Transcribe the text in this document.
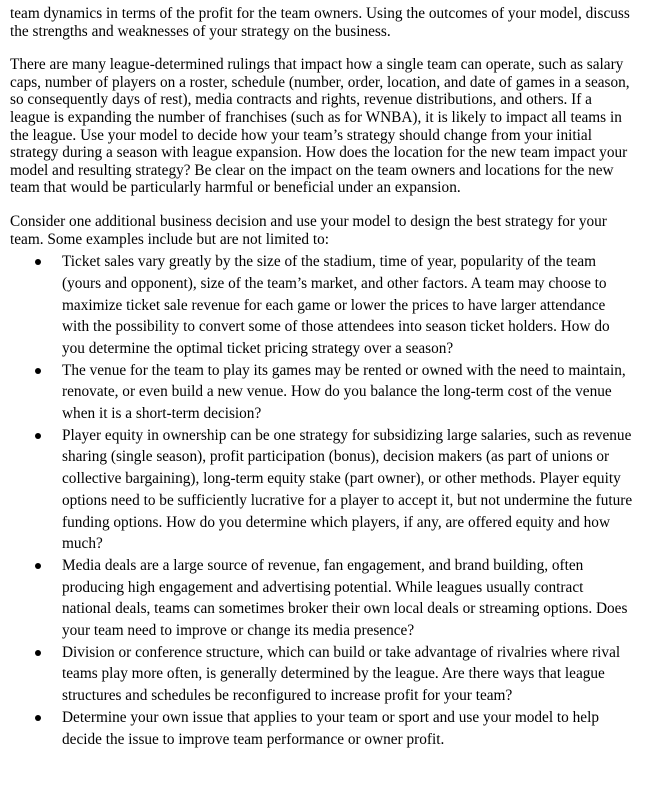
team dynamics in terms of the profit for the team owners. Using the outcomes of your model, discuss the strengths and weaknesses of your strategy on the business.

There are many league-determined rulings that impact how a single team can operate, such as salary caps, number of players on a roster, schedule (number, order, location, and date of games in a season, so consequently days of rest), media contracts and rights, revenue distributions, and others. If a league is expanding the number of franchises (such as for WNBA), it is likely to impact all teams in the league. Use your model to decide how your team’s strategy should change from your initial strategy during a season with league expansion. How does the location for the new team impact your model and resulting strategy? Be clear on the impact on the team owners and locations for the new team that would be particularly harmful or beneficial under an expansion.

Consider one additional business decision and use your model to design the best strategy for your team. Some examples include but are not limited to:

Ticket sales vary greatly by the size of the stadium, time of year, popularity of the team (yours and opponent), size of the team’s market, and other factors. A team may choose to maximize ticket sale revenue for each game or lower the prices to have larger attendance with the possibility to convert some of those attendees into season ticket holders. How do you determine the optimal ticket pricing strategy over a season?
The venue for the team to play its games may be rented or owned with the need to maintain, renovate, or even build a new venue. How do you balance the long-term cost of the venue when it is a short-term decision?
Player equity in ownership can be one strategy for subsidizing large salaries, such as revenue sharing (single season), profit participation (bonus), decision makers (as part of unions or collective bargaining), long-term equity stake (part owner), or other methods. Player equity options need to be sufficiently lucrative for a player to accept it, but not undermine the future funding options. How do you determine which players, if any, are offered equity and how much?
Media deals are a large source of revenue, fan engagement, and brand building, often producing high engagement and advertising potential. While leagues usually contract national deals, teams can sometimes broker their own local deals or streaming options. Does your team need to improve or change its media presence?
Division or conference structure, which can build or take advantage of rivalries where rival teams play more often, is generally determined by the league. Are there ways that league structures and schedules be reconfigured to increase profit for your team?
Determine your own issue that applies to your team or sport and use your model to help decide the issue to improve team performance or owner profit.
